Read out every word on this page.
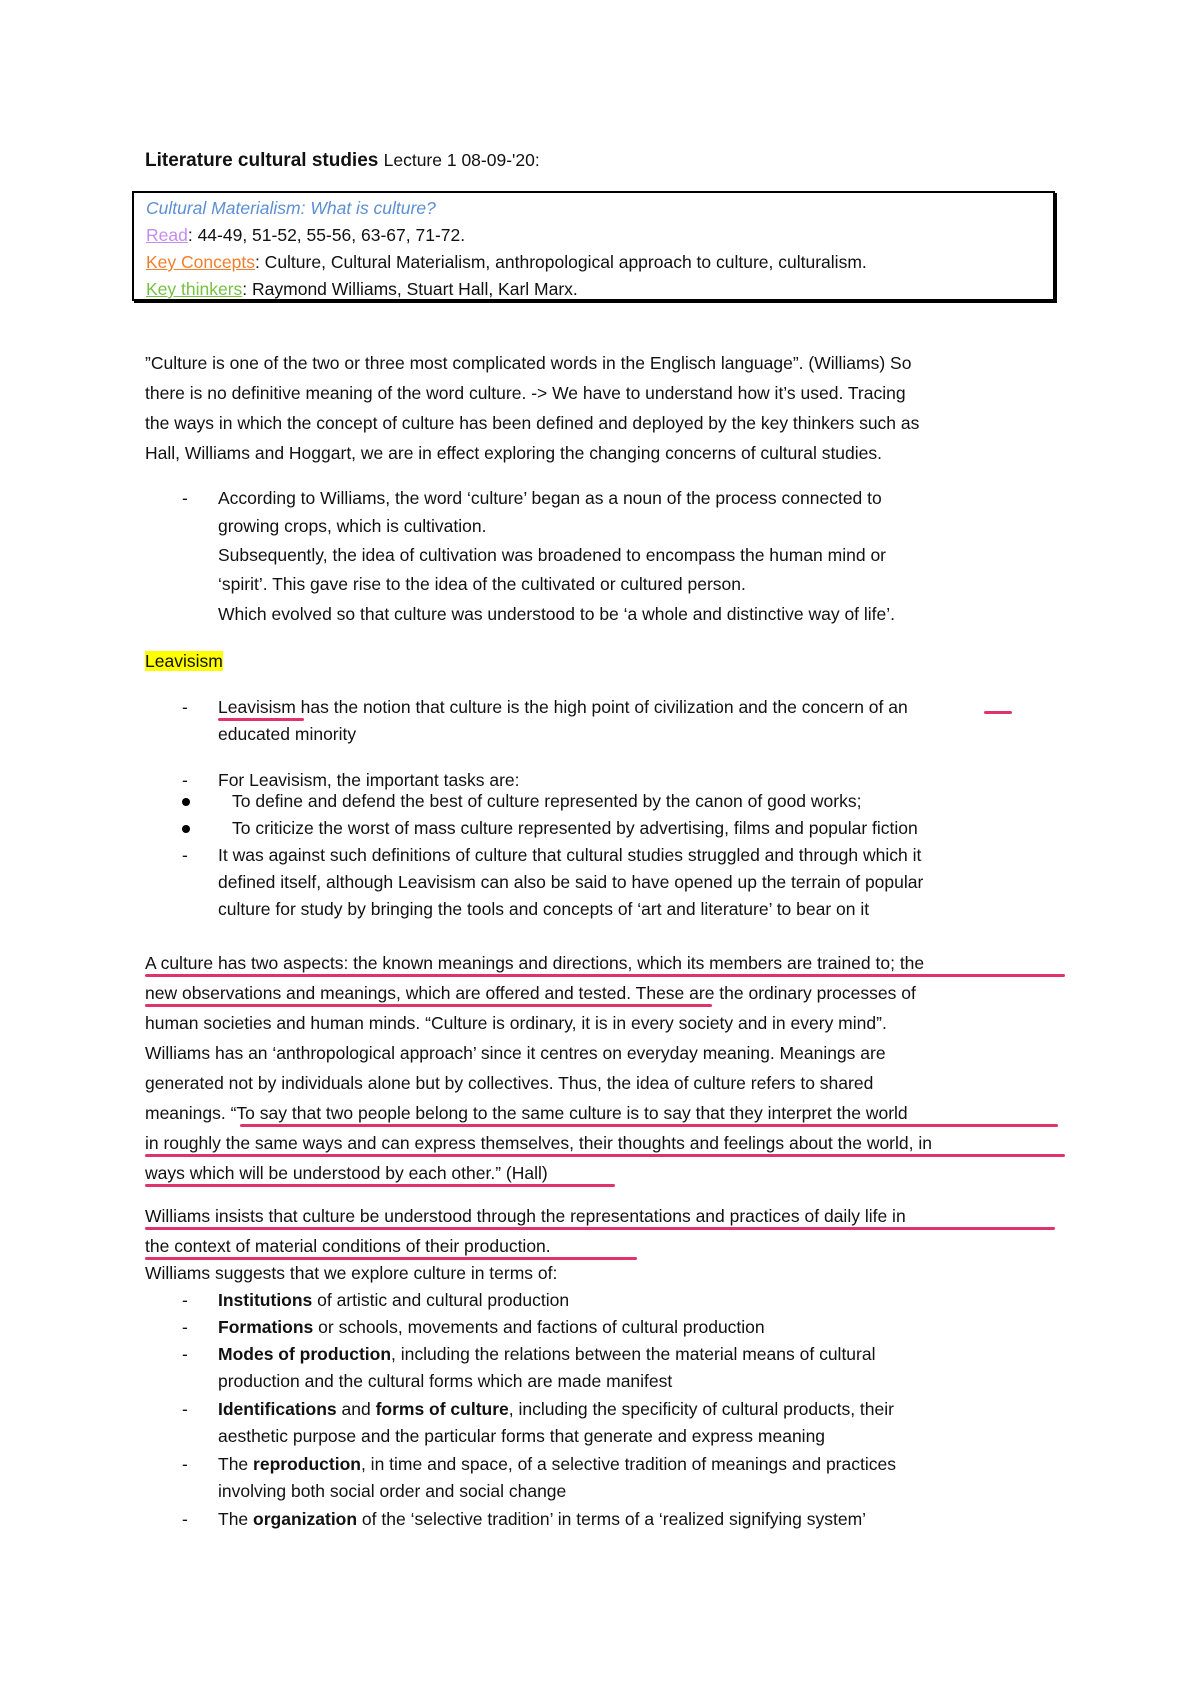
Literature cultural studies Lecture 1 08-09-'20:
Cultural Materialism: What is culture?
Read: 44-49, 51-52, 55-56, 63-67, 71-72.
Key Concepts: Culture, Cultural Materialism, anthropological approach to culture, culturalism.
Key thinkers: Raymond Williams, Stuart Hall, Karl Marx.
”Culture is one of the two or three most complicated words in the Englisch language”. (Williams) So
there is no definitive meaning of the word culture. -> We have to understand how it’s used. Tracing
the ways in which the concept of culture has been defined and deployed by the key thinkers such as
Hall, Williams and Hoggart, we are in effect exploring the changing concerns of cultural studies.
- According to Williams, the word ‘culture’ began as a noun of the process connected to
growing crops, which is cultivation.
Subsequently, the idea of cultivation was broadened to encompass the human mind or
‘spirit’. This gave rise to the idea of the cultivated or cultured person.
Which evolved so that culture was understood to be ‘a whole and distinctive way of life’.
Leavisism
- Leavisism has the notion that culture is the high point of civilization and the concern of an
educated minority
- For Leavisism, the important tasks are:
To define and defend the best of culture represented by the canon of good works;
To criticize the worst of mass culture represented by advertising, films and popular fiction
- It was against such definitions of culture that cultural studies struggled and through which it
defined itself, although Leavisism can also be said to have opened up the terrain of popular
culture for study by bringing the tools and concepts of ‘art and literature’ to bear on it
A culture has two aspects: the known meanings and directions, which its members are trained to; the
new observations and meanings, which are offered and tested. These are the ordinary processes of
human societies and human minds. “Culture is ordinary, it is in every society and in every mind”.
Williams has an ‘anthropological approach’ since it centres on everyday meaning. Meanings are
generated not by individuals alone but by collectives. Thus, the idea of culture refers to shared
meanings. “To say that two people belong to the same culture is to say that they interpret the world
in roughly the same ways and can express themselves, their thoughts and feelings about the world, in
ways which will be understood by each other.” (Hall)
Williams insists that culture be understood through the representations and practices of daily life in
the context of material conditions of their production.
Williams suggests that we explore culture in terms of:
- Institutions of artistic and cultural production
- Formations or schools, movements and factions of cultural production
- Modes of production, including the relations between the material means of cultural
production and the cultural forms which are made manifest
- Identifications and forms of culture, including the specificity of cultural products, their
aesthetic purpose and the particular forms that generate and express meaning
- The reproduction, in time and space, of a selective tradition of meanings and practices
involving both social order and social change
- The organization of the ‘selective tradition’ in terms of a ‘realized signifying system’
